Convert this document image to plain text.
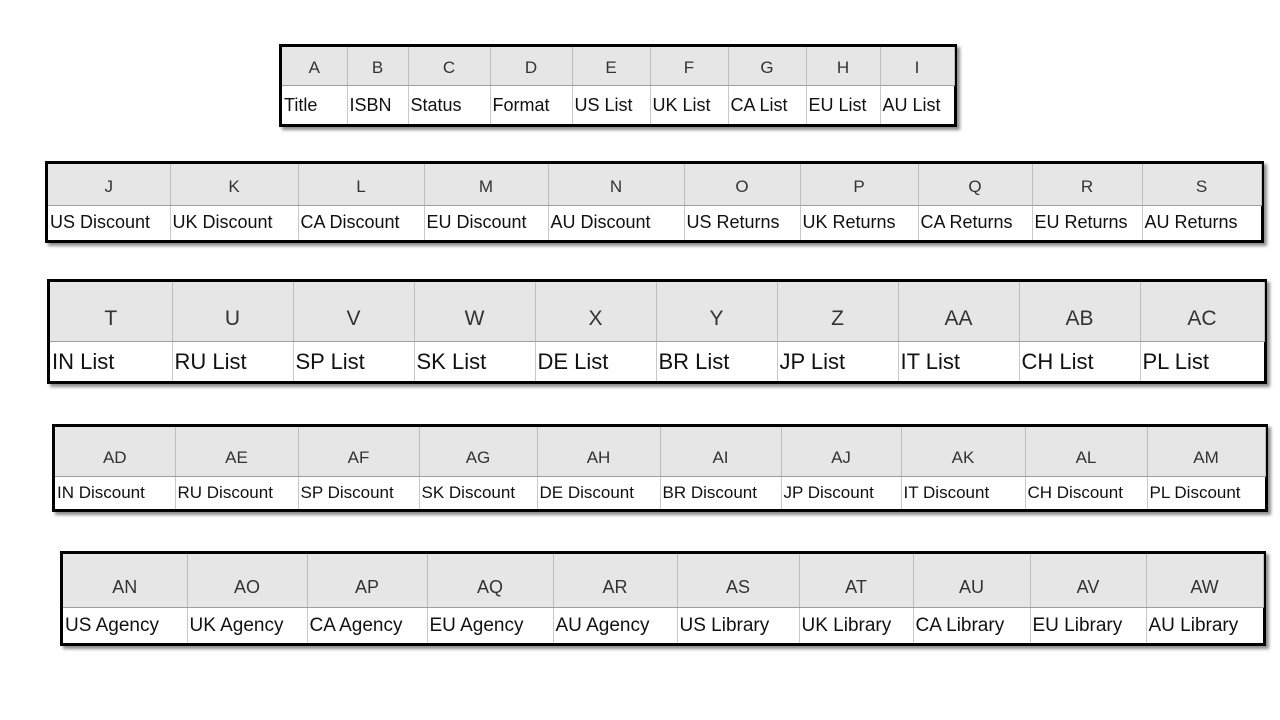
A	B	C	D	E	F	G	H	I
Title	ISBN	Status	Format	US List	UK List	CA List	EU List	AU List
J	K	L	M	N	O	P	Q	R	S
US Discount	UK Discount	CA Discount	EU Discount	AU Discount	US Returns	UK Returns	CA Returns	EU Returns	AU Returns
T	U	V	W	X	Y	Z	AA	AB	AC
IN List	RU List	SP List	SK List	DE List	BR List	JP List	IT List	CH List	PL List
AD	AE	AF	AG	AH	AI	AJ	AK	AL	AM
IN Discount	RU Discount	SP Discount	SK Discount	DE Discount	BR Discount	JP Discount	IT Discount	CH Discount	PL Discount
AN	AO	AP	AQ	AR	AS	AT	AU	AV	AW
US Agency	UK Agency	CA Agency	EU Agency	AU Agency	US Library	UK Library	CA Library	EU Library	AU Library
